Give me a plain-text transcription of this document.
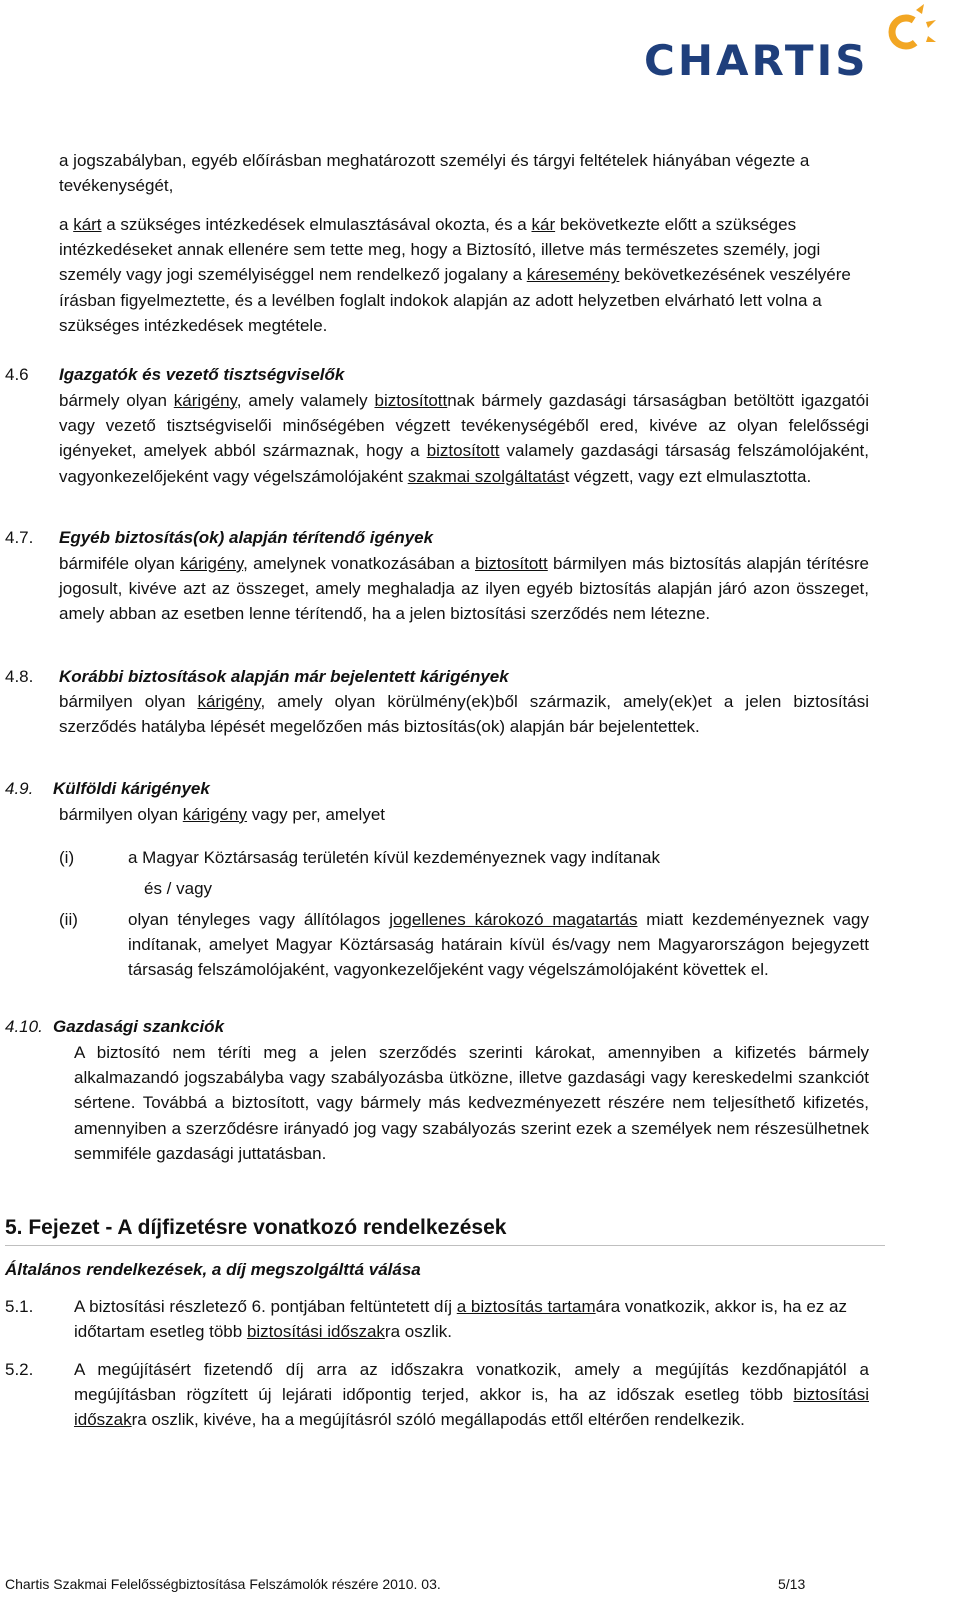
CHARTIS

a jogszabályban, egyéb előírásban meghatározott személyi és tárgyi feltételek hiányában végezte a tevékenységét,

a kárt a szükséges intézkedések elmulasztásával okozta, és a kár bekövetkezte előtt a szükséges intézkedéseket annak ellenére sem tette meg, hogy a Biztosító, illetve más természetes személy, jogi személy vagy jogi személyiséggel nem rendelkező jogalany a káresemény bekövetkezésének veszélyére írásban figyelmeztette, és a levélben foglalt indokok alapján az adott helyzetben elvárható lett volna a szükséges intézkedések megtétele.

4.6 Igazgatók és vezető tisztségviselők

bármely olyan kárigény, amely valamely biztosítottnak bármely gazdasági társaságban betöltött igazgatói vagy vezető tisztségviselői minőségében végzett tevékenységéből ered, kivéve az olyan felelősségi igényeket, amelyek abból származnak, hogy a biztosított valamely gazdasági társaság felszámolójaként, vagyonkezelőjeként vagy végelszámolójaként szakmai szolgáltatást végzett, vagy ezt elmulasztotta.

4.7. Egyéb biztosítás(ok) alapján térítendő igények

bármiféle olyan kárigény, amelynek vonatkozásában a biztosított bármilyen más biztosítás alapján térítésre jogosult, kivéve azt az összeget, amely meghaladja az ilyen egyéb biztosítás alapján járó azon összeget, amely abban az esetben lenne térítendő, ha a jelen biztosítási szerződés nem létezne.

4.8. Korábbi biztosítások alapján már bejelentett kárigények

bármilyen olyan kárigény, amely olyan körülmény(ek)ből származik, amely(ek)et a jelen biztosítási szerződés hatályba lépését megelőzően más biztosítás(ok) alapján bár bejelentettek.

4.9. Külföldi kárigények

bármilyen olyan kárigény vagy per, amelyet

(i)	a Magyar Köztársaság területén kívül kezdeményeznek vagy indítanak
és / vagy
(ii)	olyan tényleges vagy állítólagos jogellenes károkozó magatartás miatt kezdeményeznek vagy indítanak, amelyet Magyar Köztársaság határain kívül és/vagy nem Magyarországon bejegyzett társaság felszámolójaként, vagyonkezelőjeként vagy végelszámolójaként követtek el.

4.10. Gazdasági szankciók

A biztosító nem téríti meg a jelen szerződés szerinti károkat, amennyiben a kifizetés bármely alkalmazandó jogszabályba vagy szabályozásba ütközne, illetve gazdasági vagy kereskedelmi szankciót sértene. Továbbá a biztosított, vagy bármely más kedvezményezett részére nem teljesíthető kifizetés, amennyiben a szerződésre irányadó jog vagy szabályozás szerint ezek a személyek nem részesülhetnek semmiféle gazdasági juttatásban.

5. Fejezet - A díjfizetésre vonatkozó rendelkezések
Általános rendelkezések, a díj megszolgálttá válása
5.1. A biztosítási részletező 6. pontjában feltüntetett díj a biztosítás tartamára vonatkozik, akkor is, ha ez az időtartam esetleg több biztosítási időszakra oszlik.

5.2. A megújításért fizetendő díj arra az időszakra vonatkozik, amely a megújítás kezdőnapjától a megújításban rögzített új lejárati időpontig terjed, akkor is, ha az időszak esetleg több biztosítási időszakra oszlik, kivéve, ha a megújításról szóló megállapodás ettől eltérően rendelkezik.

Chartis Szakmai Felelősségbiztosítása Felszámolók részére 2010. 03.	5/13
